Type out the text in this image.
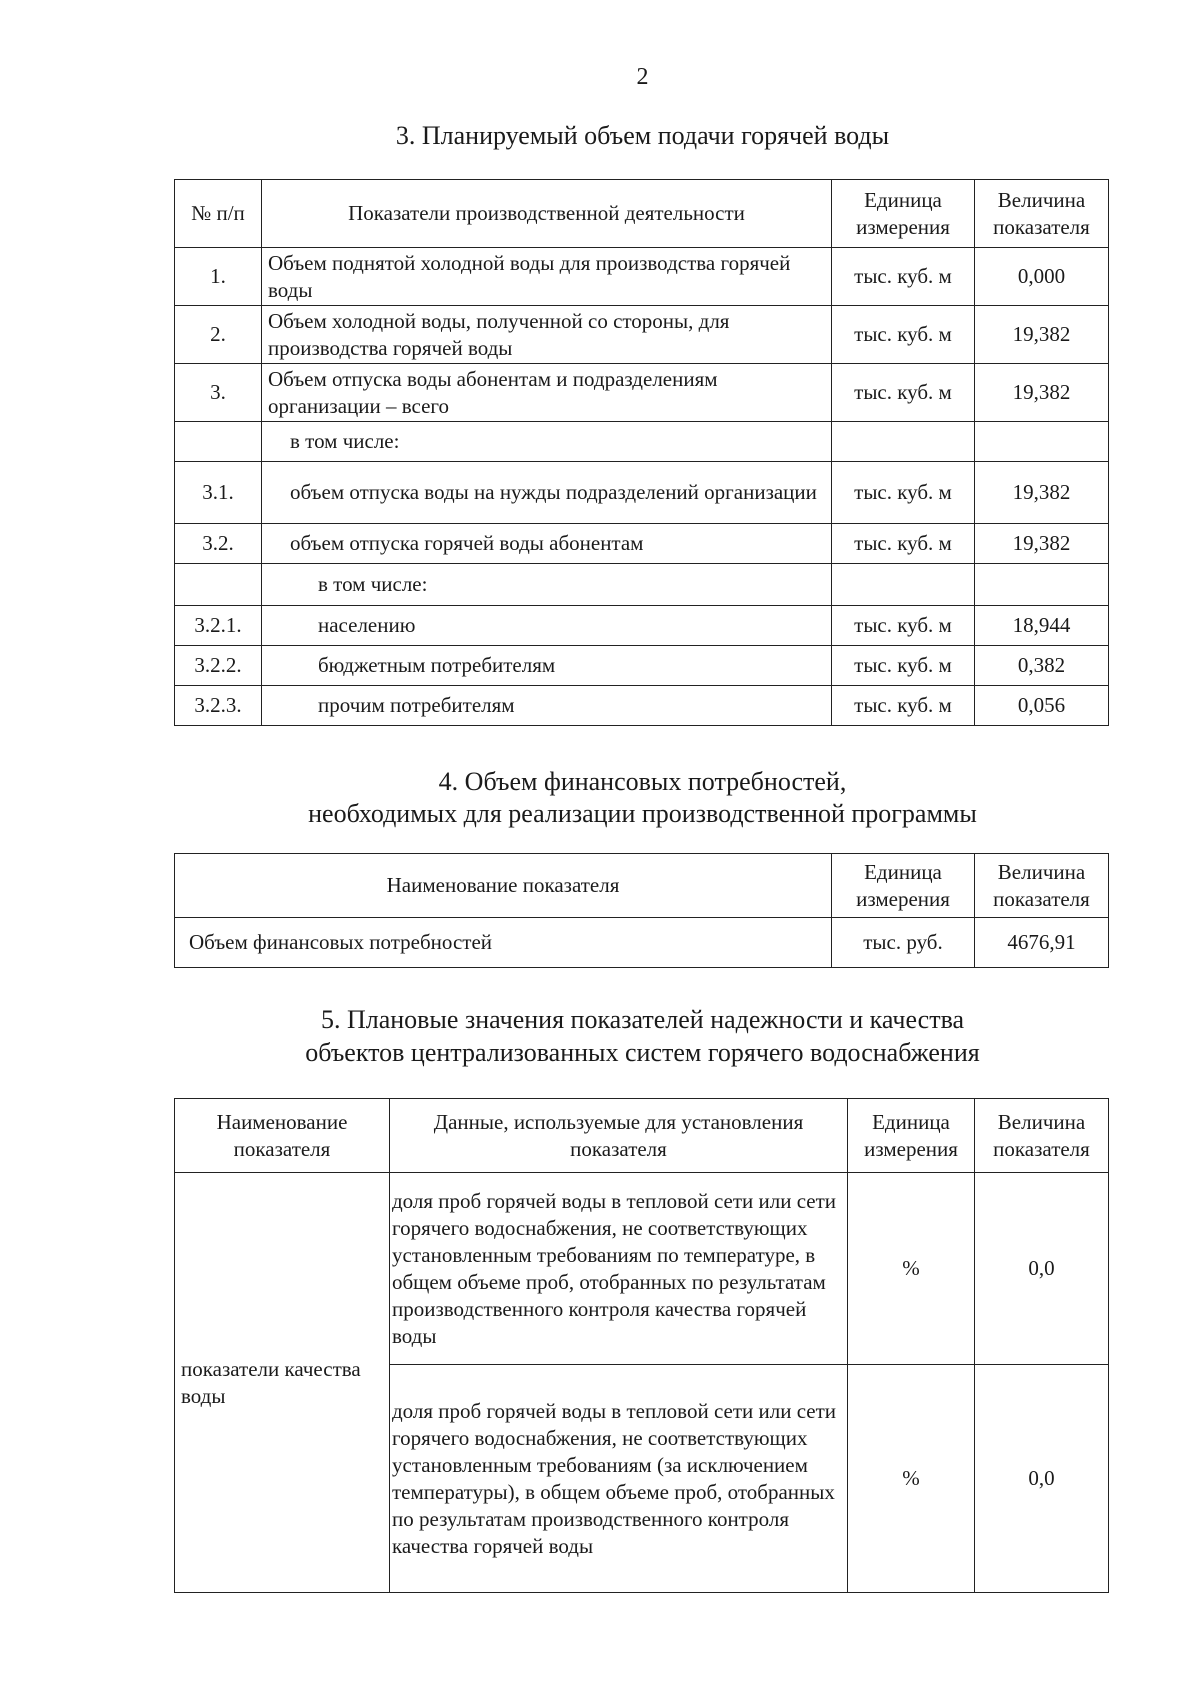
2
3. Планируемый объем подачи горячей воды
№ п/п	Показатели производственной деятельности	Единица измерения	Величина показателя
1.	Объем поднятой холодной воды для производства горячей воды	тыс. куб. м	0,000
2.	Объем холодной воды, полученной со стороны, для производства горячей воды	тыс. куб. м	19,382
3.	Объем отпуска воды абонентам и подразделениям организации – всего	тыс. куб. м	19,382
	в том числе:		
3.1.	объем отпуска воды на нужды подразделений организации	тыс. куб. м	19,382
3.2.	объем отпуска горячей воды абонентам	тыс. куб. м	19,382
	в том числе:		
3.2.1.	населению	тыс. куб. м	18,944
3.2.2.	бюджетным потребителям	тыс. куб. м	0,382
3.2.3.	прочим потребителям	тыс. куб. м	0,056
4. Объем финансовых потребностей,
необходимых для реализации производственной программы
Наименование показателя	Единица измерения	Величина показателя
Объем финансовых потребностей	тыс. руб.	4676,91
5. Плановые значения показателей надежности и качества
объектов централизованных систем горячего водоснабжения
Наименование показателя	Данные, используемые для установления показателя	Единица измерения	Величина показателя
показатели качества воды	доля проб горячей воды в тепловой сети или сети горячего водоснабжения, не соответствующих установленным требованиям по температуре, в общем объеме проб, отобранных по результатам производственного контроля качества горячей воды	%	0,0
	доля проб горячей воды в тепловой сети или сети горячего водоснабжения, не соответствующих установленным требованиям (за исключением температуры), в общем объеме проб, отобранных по результатам производственного контроля качества горячей воды	%	0,0
